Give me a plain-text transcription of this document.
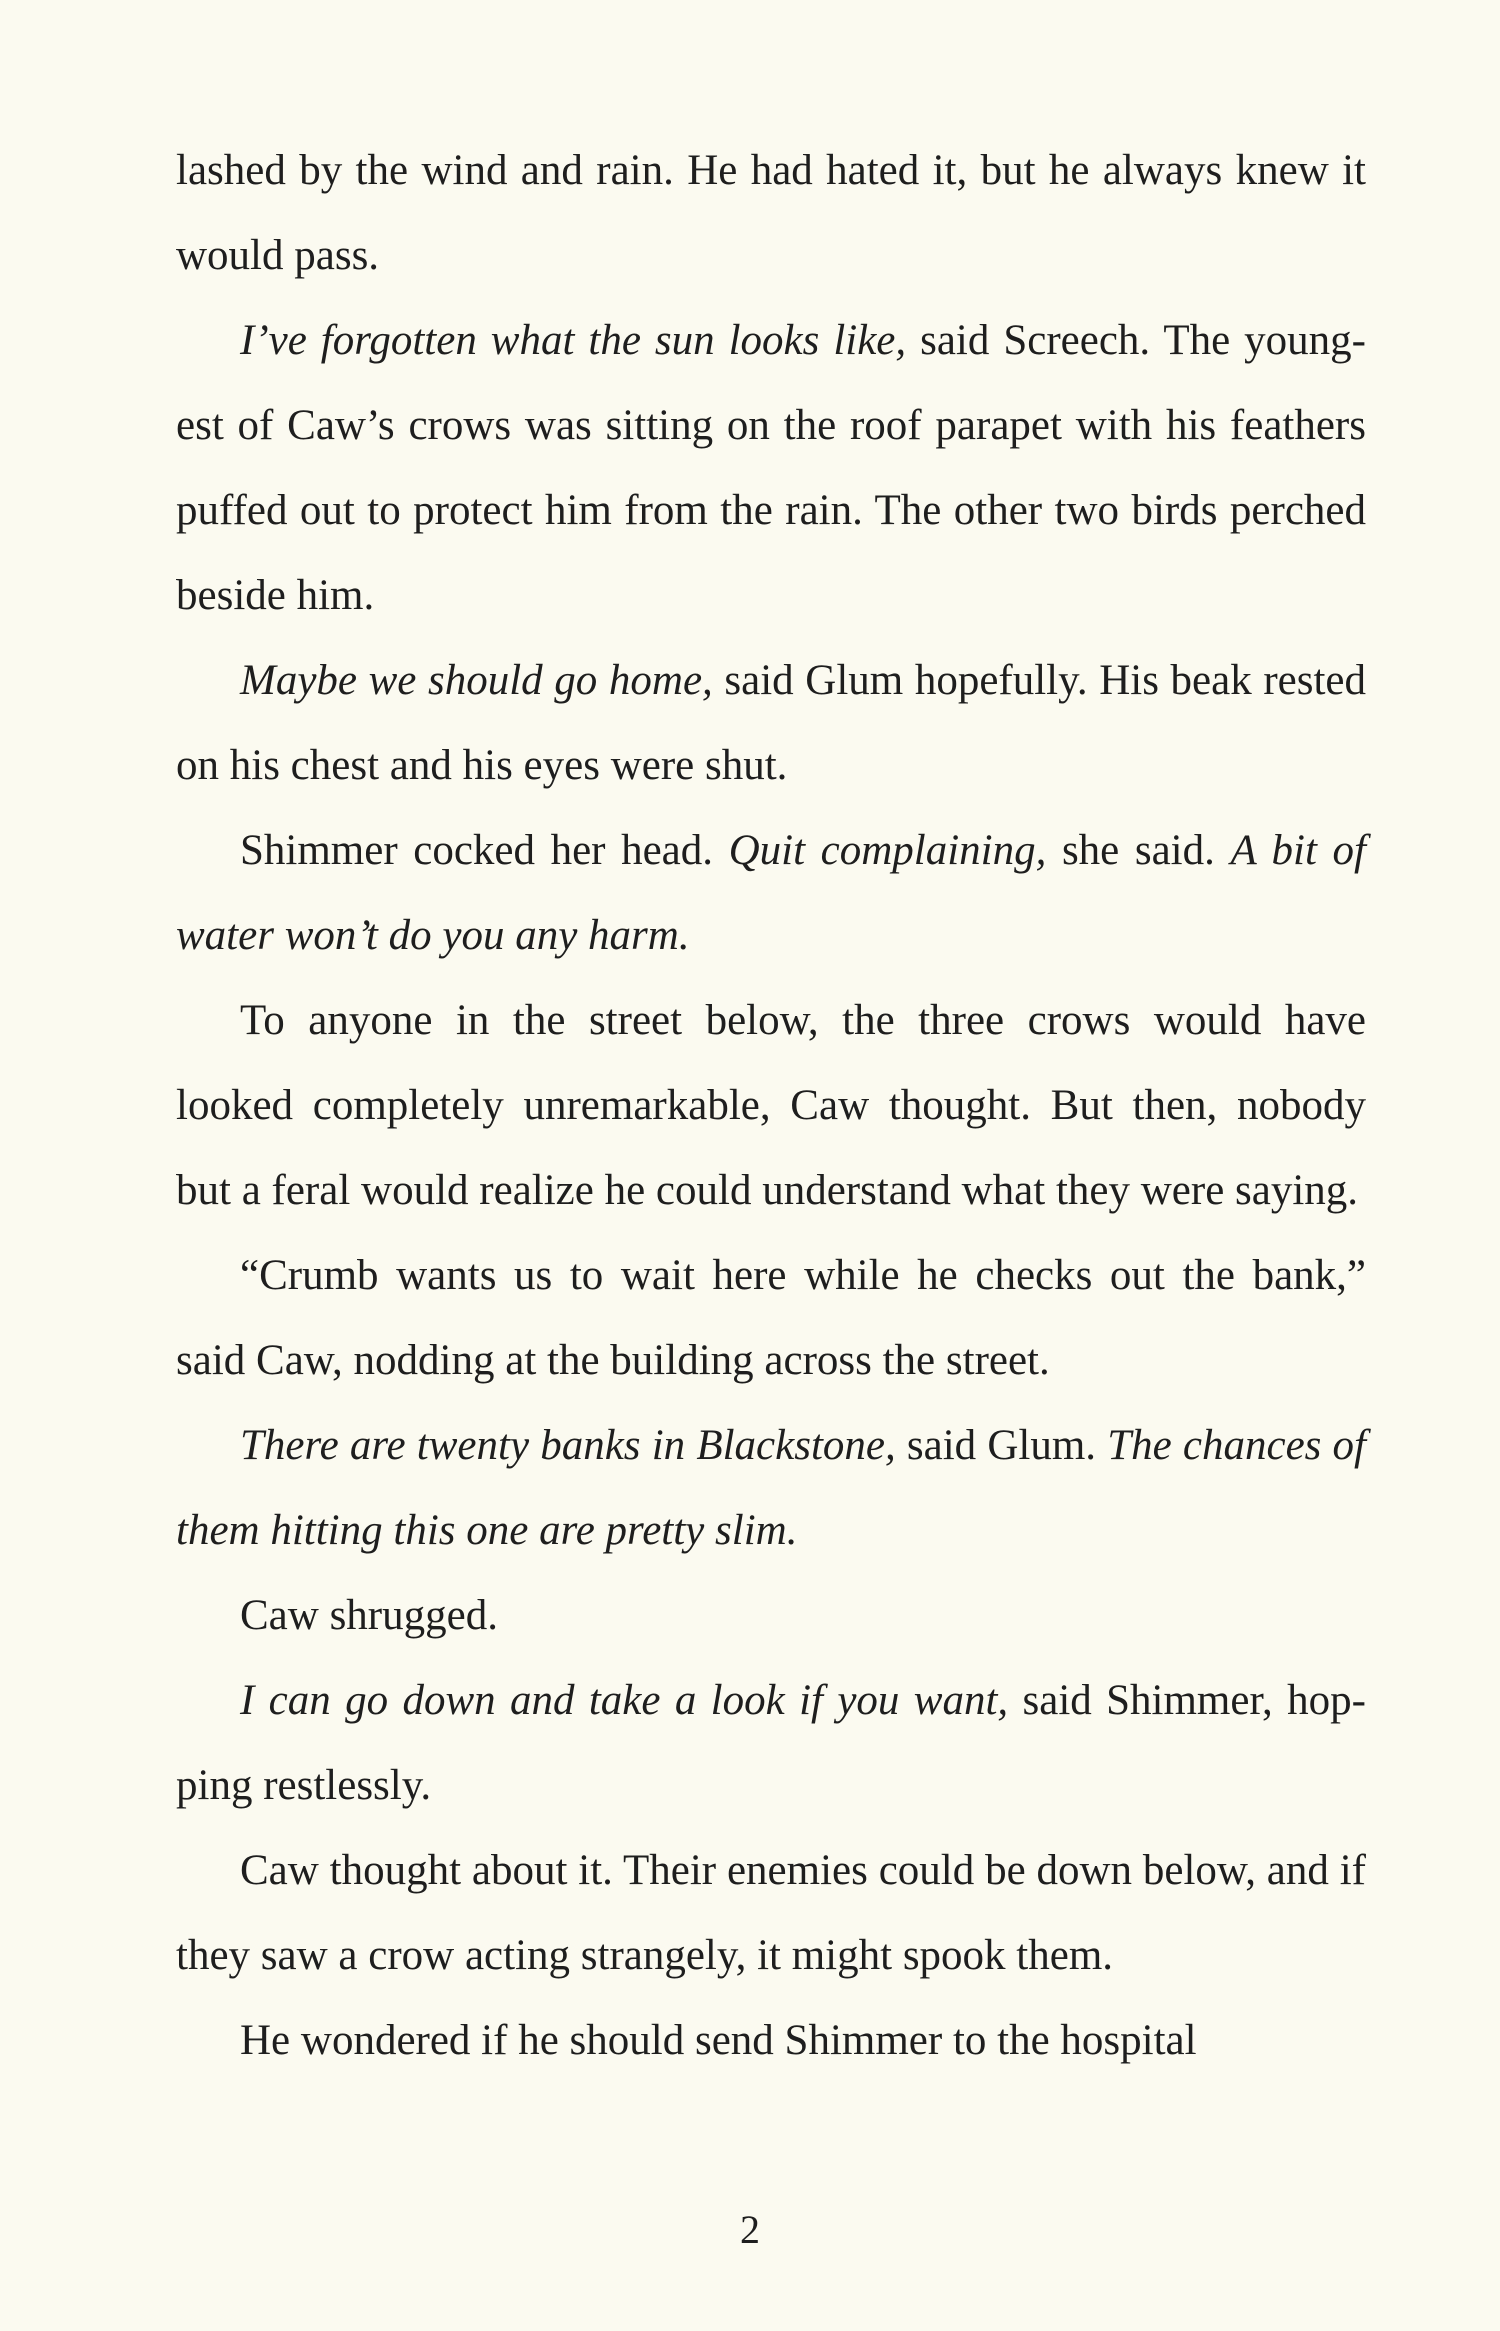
lashed by the wind and rain. He had hated it, but he always knew it would pass.

I’ve forgotten what the sun looks like, said Screech. The youngest of Caw’s crows was sitting on the roof parapet with his feathers puffed out to protect him from the rain. The other two birds perched beside him.

Maybe we should go home, said Glum hopefully. His beak rested on his chest and his eyes were shut.

Shimmer cocked her head. Quit complaining, she said. A bit of water won’t do you any harm.

To anyone in the street below, the three crows would have looked completely unremarkable, Caw thought. But then, nobody but a feral would realize he could understand what they were saying.

“Crumb wants us to wait here while he checks out the bank,” said Caw, nodding at the building across the street.

There are twenty banks in Blackstone, said Glum. The chances of them hitting this one are pretty slim.

Caw shrugged.

I can go down and take a look if you want, said Shimmer, hopping restlessly.

Caw thought about it. Their enemies could be down below, and if they saw a crow acting strangely, it might spook them.

He wondered if he should send Shimmer to the hospital

2
